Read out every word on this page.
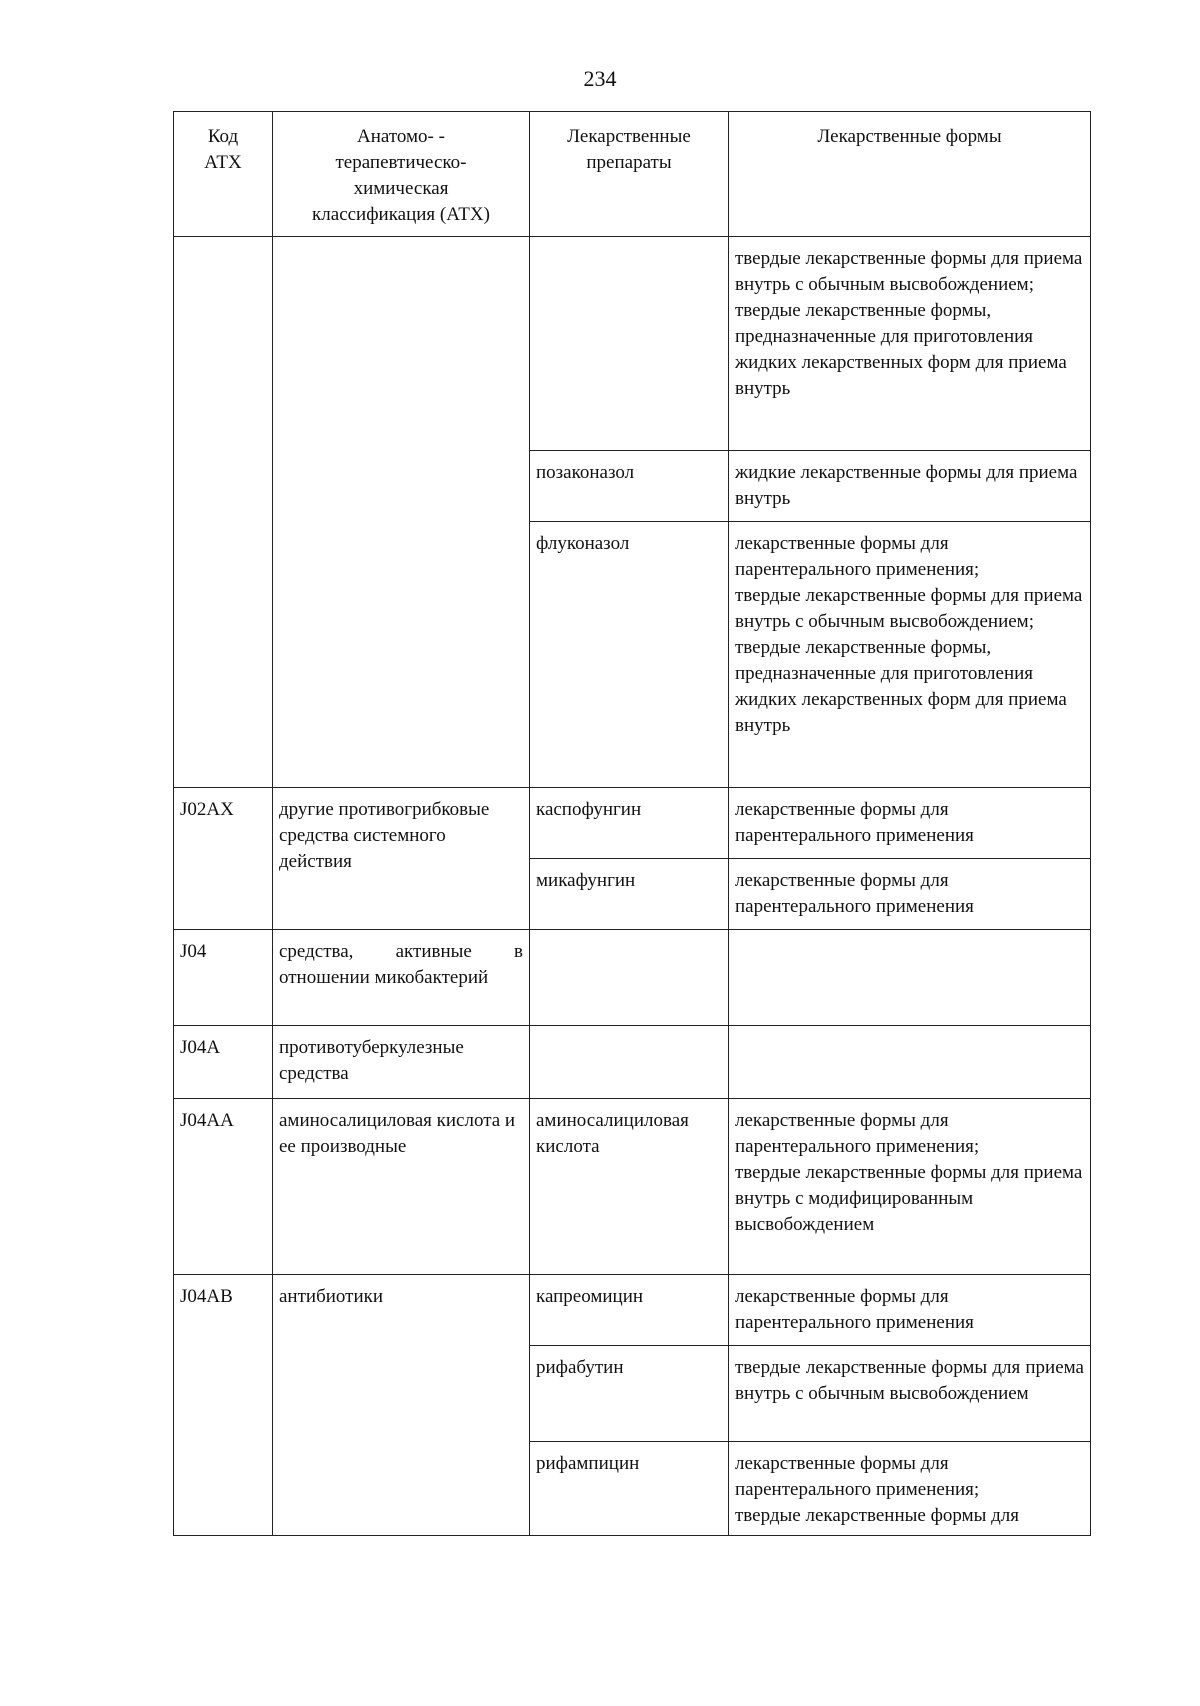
234
Код
АТХ	Анатомо- -
терапевтическо-
химическая
классификация (АТХ)	Лекарственные
препараты	Лекарственные формы
			твердые лекарственные формы для приема внутрь с обычным высвобождением;
твердые лекарственные формы, предназначенные для приготовления жидких лекарственных форм для приема внутрь
		позаконазол	жидкие лекарственные формы для приема внутрь
		флуконазол	лекарственные формы для парентерального применения;
твердые лекарственные формы для приема внутрь с обычным высвобождением;
твердые лекарственные формы, предназначенные для приготовления жидких лекарственных форм для приема внутрь
J02AX	другие противогрибковые средства системного действия	каспофунгин	лекарственные формы для парентерального применения
		микафунгин	лекарственные формы для парентерального применения
J04	средства, активные в отношении микобактерий		
J04A	противотуберкулезные средства		
J04AA	аминосалициловая кислота и ее производные	аминосалициловая кислота	лекарственные формы для парентерального применения;
твердые лекарственные формы для приема внутрь с модифицированным высвобождением
J04AB	антибиотики	капреомицин	лекарственные формы для парентерального применения
		рифабутин	твердые лекарственные формы для приема внутрь с обычным высвобождением
		рифампицин	лекарственные формы для парентерального применения;
твердые лекарственные формы для
